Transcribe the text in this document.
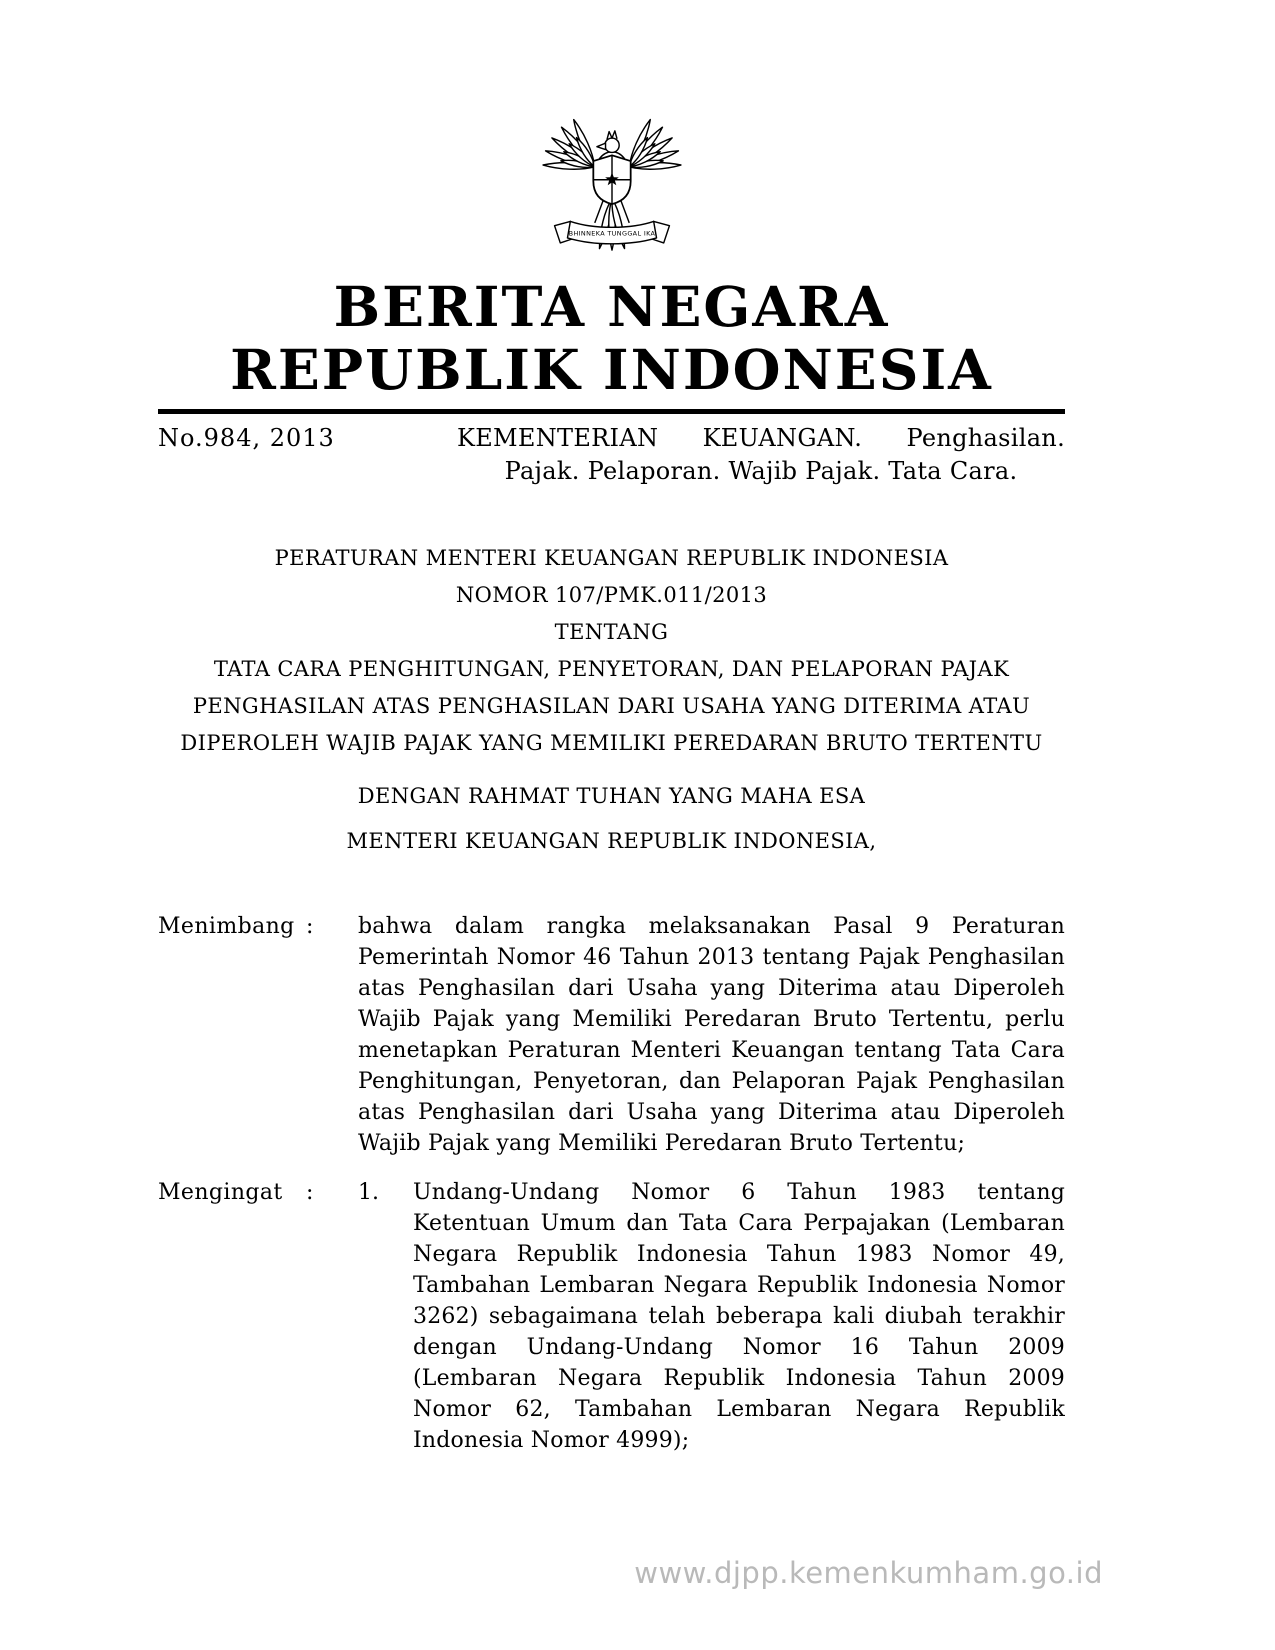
BHINNEKA TUNGGAL IKA
BERITA NEGARA
REPUBLIK INDONESIA
No.984, 2013	KEMENTERIAN KEUANGAN. Penghasilan. Pajak. Pelaporan. Wajib Pajak. Tata Cara.
PERATURAN MENTERI KEUANGAN REPUBLIK INDONESIA
NOMOR 107/PMK.011/2013
TENTANG
TATA CARA PENGHITUNGAN, PENYETORAN, DAN PELAPORAN PAJAK PENGHASILAN ATAS PENGHASILAN DARI USAHA YANG DITERIMA ATAU DIPEROLEH WAJIB PAJAK YANG MEMILIKI PEREDARAN BRUTO TERTENTU
DENGAN RAHMAT TUHAN YANG MAHA ESA
MENTERI KEUANGAN REPUBLIK INDONESIA,
Menimbang :	bahwa dalam rangka melaksanakan Pasal 9 Peraturan Pemerintah Nomor 46 Tahun 2013 tentang Pajak Penghasilan atas Penghasilan dari Usaha yang Diterima atau Diperoleh Wajib Pajak yang Memiliki Peredaran Bruto Tertentu, perlu menetapkan Peraturan Menteri Keuangan tentang Tata Cara Penghitungan, Penyetoran, dan Pelaporan Pajak Penghasilan atas Penghasilan dari Usaha yang Diterima atau Diperoleh Wajib Pajak yang Memiliki Peredaran Bruto Tertentu;
Mengingat	:	1.	Undang-Undang Nomor 6 Tahun 1983 tentang Ketentuan Umum dan Tata Cara Perpajakan (Lembaran Negara Republik Indonesia Tahun 1983 Nomor 49, Tambahan Lembaran Negara Republik Indonesia Nomor 3262) sebagaimana telah beberapa kali diubah terakhir dengan Undang-Undang Nomor 16 Tahun 2009 (Lembaran Negara Republik Indonesia Tahun 2009 Nomor 62, Tambahan Lembaran Negara Republik Indonesia Nomor 4999);
www.djpp.kemenkumham.go.id
